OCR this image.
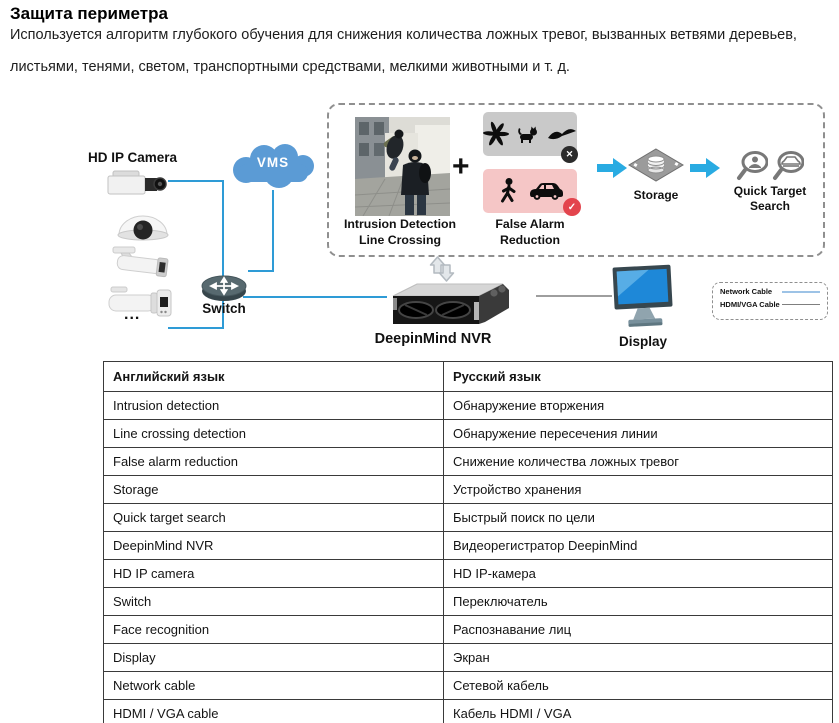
Защита периметра
Используется алгоритм глубокого обучения для снижения количества ложных тревог, вызванных ветвями деревьев,
листьями, тенями, светом, транспортными средствами, мелкими животными и т. д.
HD IP Camera
...
VMS
Switch
Intrusion Detection
Line Crossing
+	✕
✓
False Alarm
Reduction
Storage	Quick Target
Search
DeepinMind NVR	Display
Network Cable
HDMI/VGA Cable
Английский язык	Русский язык
Intrusion detection	Обнаружение вторжения
Line crossing detection	Обнаружение пересечения линии
False alarm reduction	Снижение количества ложных тревог
Storage	Устройство хранения
Quick target search	Быстрый поиск по цели
DeepinMind NVR	Видеорегистратор DeepinMind
HD IP camera	HD IP-камера
Switch	Переключатель
Face recognition	Распознавание лиц
Display	Экран
Network cable	Сетевой кабель
HDMI / VGA cable	Кабель HDMI / VGA
